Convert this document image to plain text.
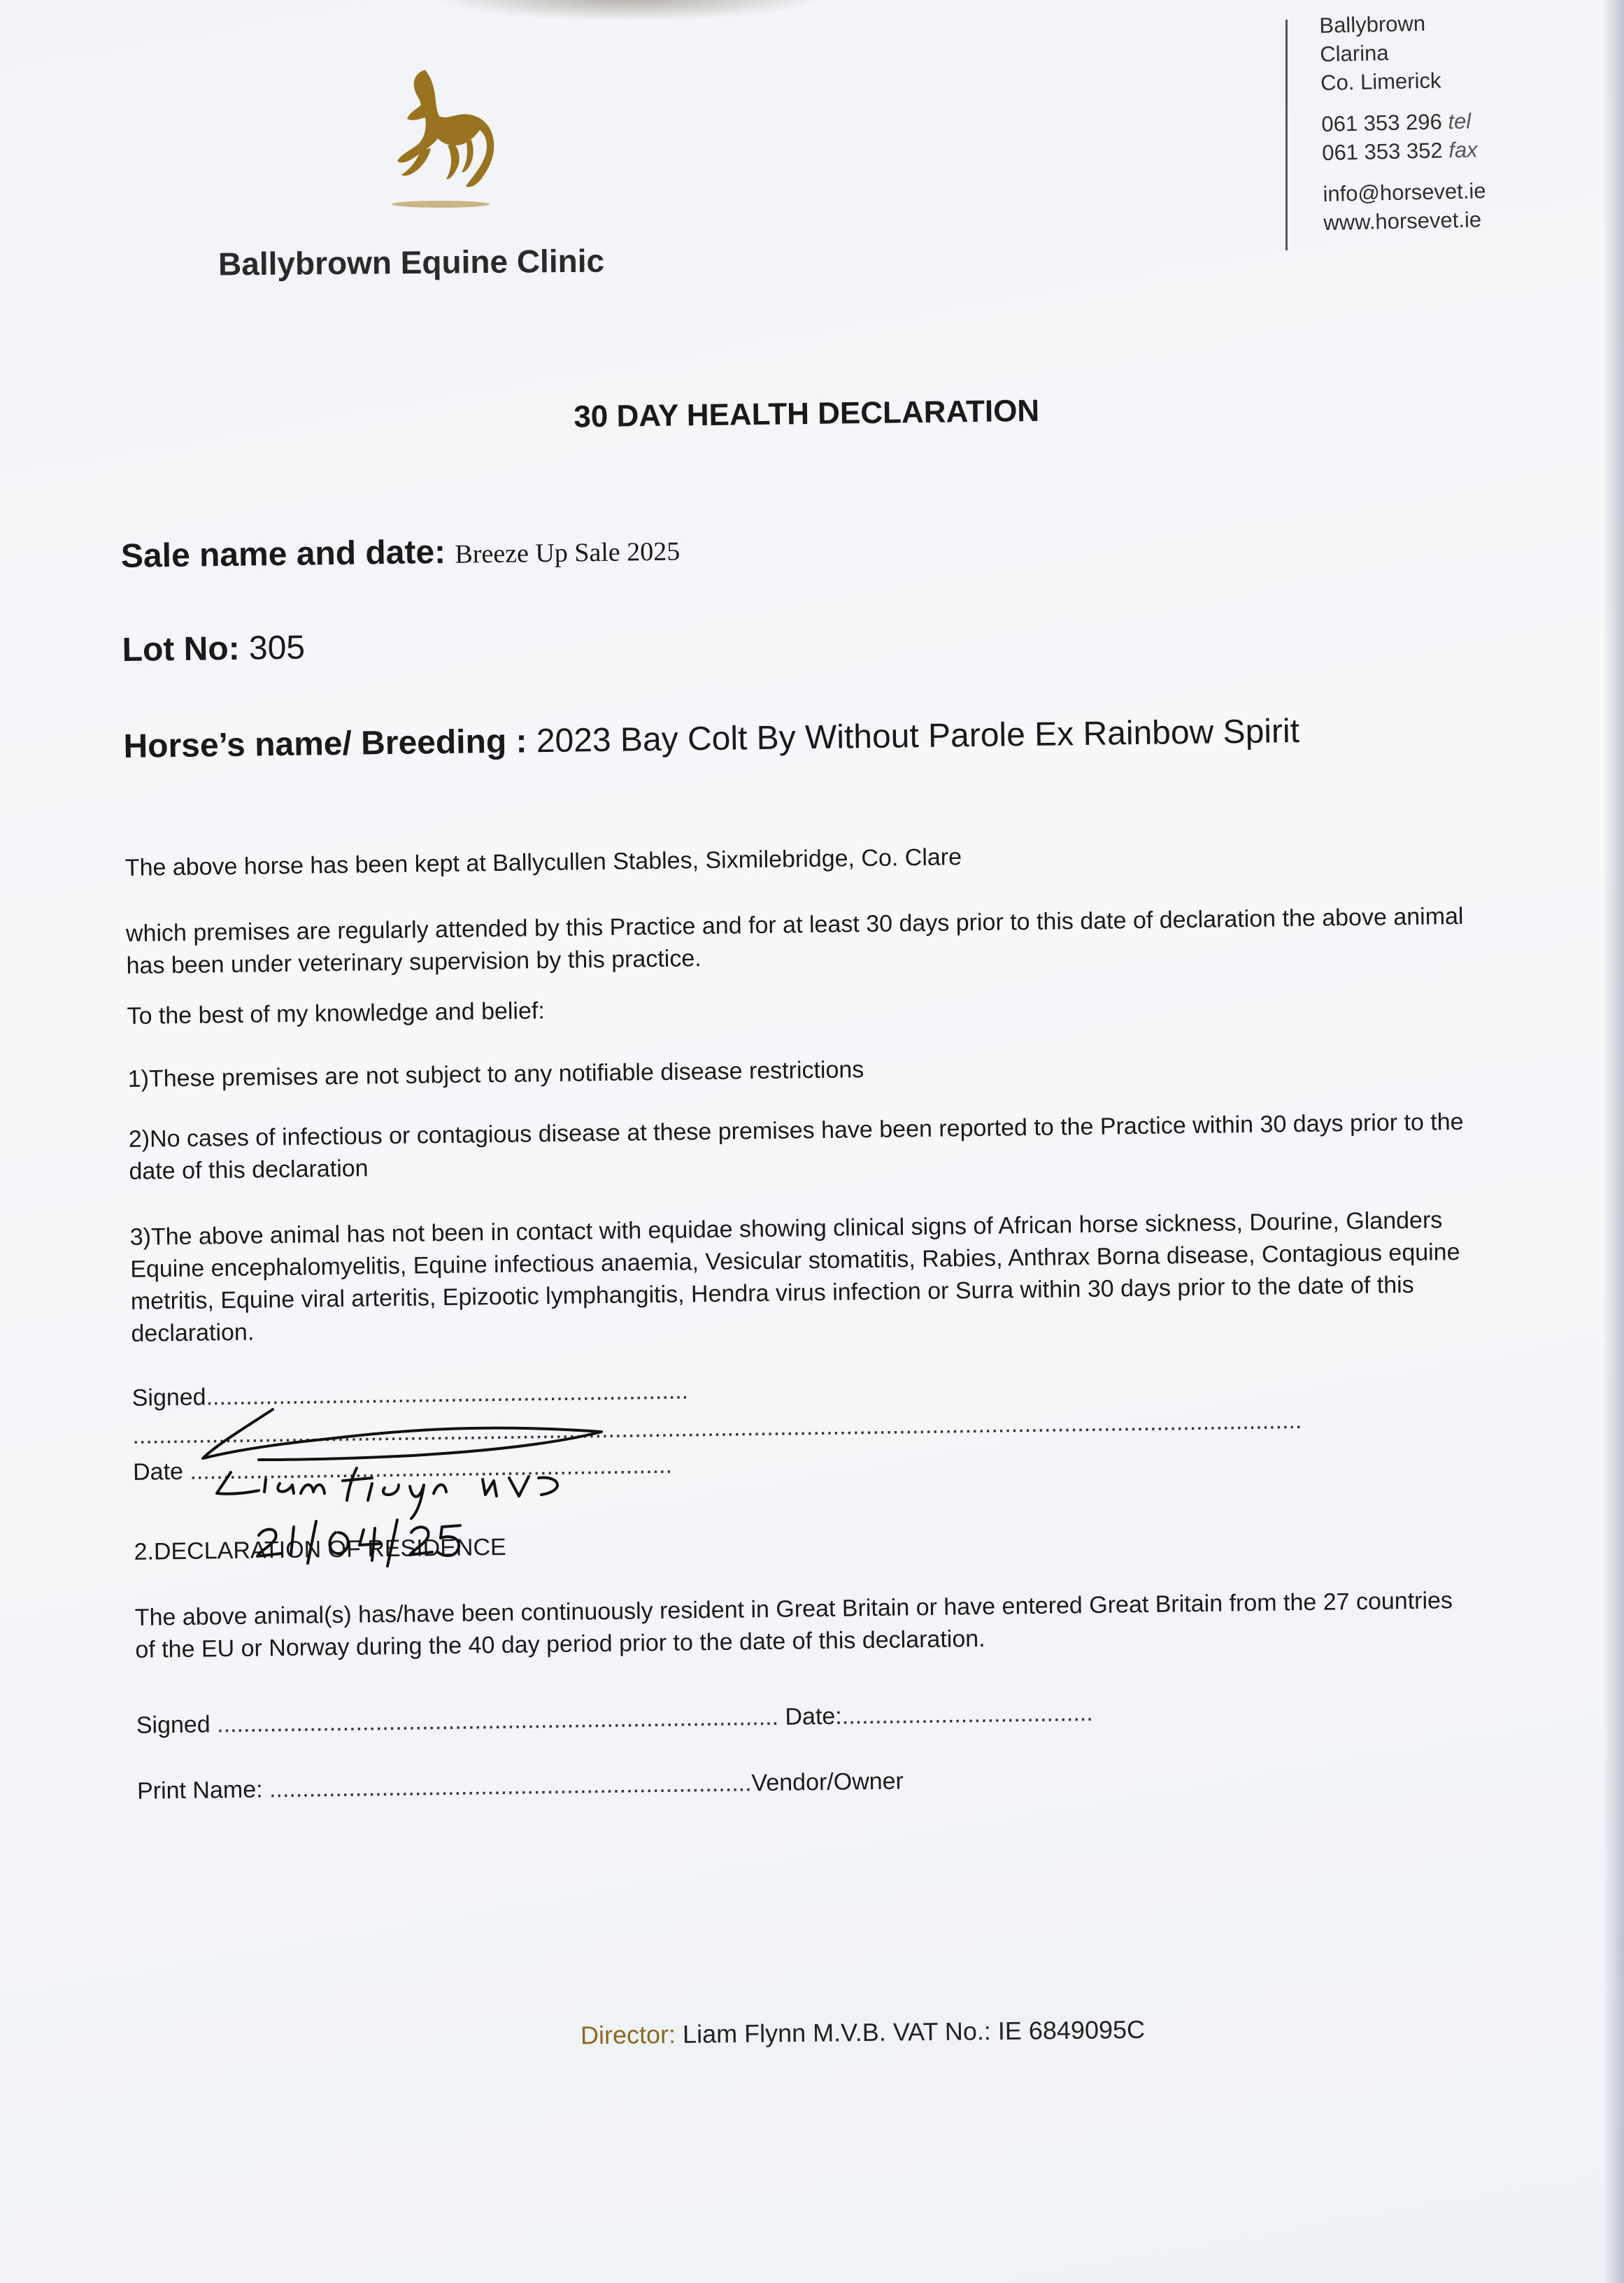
Ballybrown Equine Clinic
Ballybrown
Clarina
Co. Limerick
061 353 296 tel
061 353 352 fax
info@horsevet.ie
www.horsevet.ie
30 DAY HEALTH DECLARATION
Sale name and date: Breeze Up Sale 2025
Lot No: 305
Horse’s name/ Breeding : 2023 Bay Colt By Without Parole Ex Rainbow Spirit
The above horse has been kept at Ballycullen Stables, Sixmilebridge, Co. Clare
which premises are regularly attended by this Practice and for at least 30 days prior to this date of declaration the above animal has been under veterinary supervision by this practice.
To the best of my knowledge and belief:
1)These premises are not subject to any notifiable disease restrictions
2)No cases of infectious or contagious disease at these premises have been reported to the Practice within 30 days prior to the date of this declaration
3)The above animal has not been in contact with equidae showing clinical signs of African horse sickness, Dourine, Glanders Equine encephalomyelitis, Equine infectious anaemia, Vesicular stomatitis, Rabies, Anthrax Borna disease, Contagious equine metritis, Equine viral arteritis, Epizootic lymphangitis, Hendra virus infection or Surra within 30 days prior to the date of this declaration.
Signed.........................................................................
.................................................................................................................................................................................
Date .........................................................................
2.DECLARATION OF RESIDENCE
The above animal(s) has/have been continuously resident in Great Britain or have entered Great Britain from the 27 countries of the EU or Norway during the 40 day period prior to the date of this declaration.
Signed ..................................................................................... Date:......................................
Print Name: .........................................................................Vendor/Owner
Director: Liam Flynn M.V.B. VAT No.: IE 6849095C
